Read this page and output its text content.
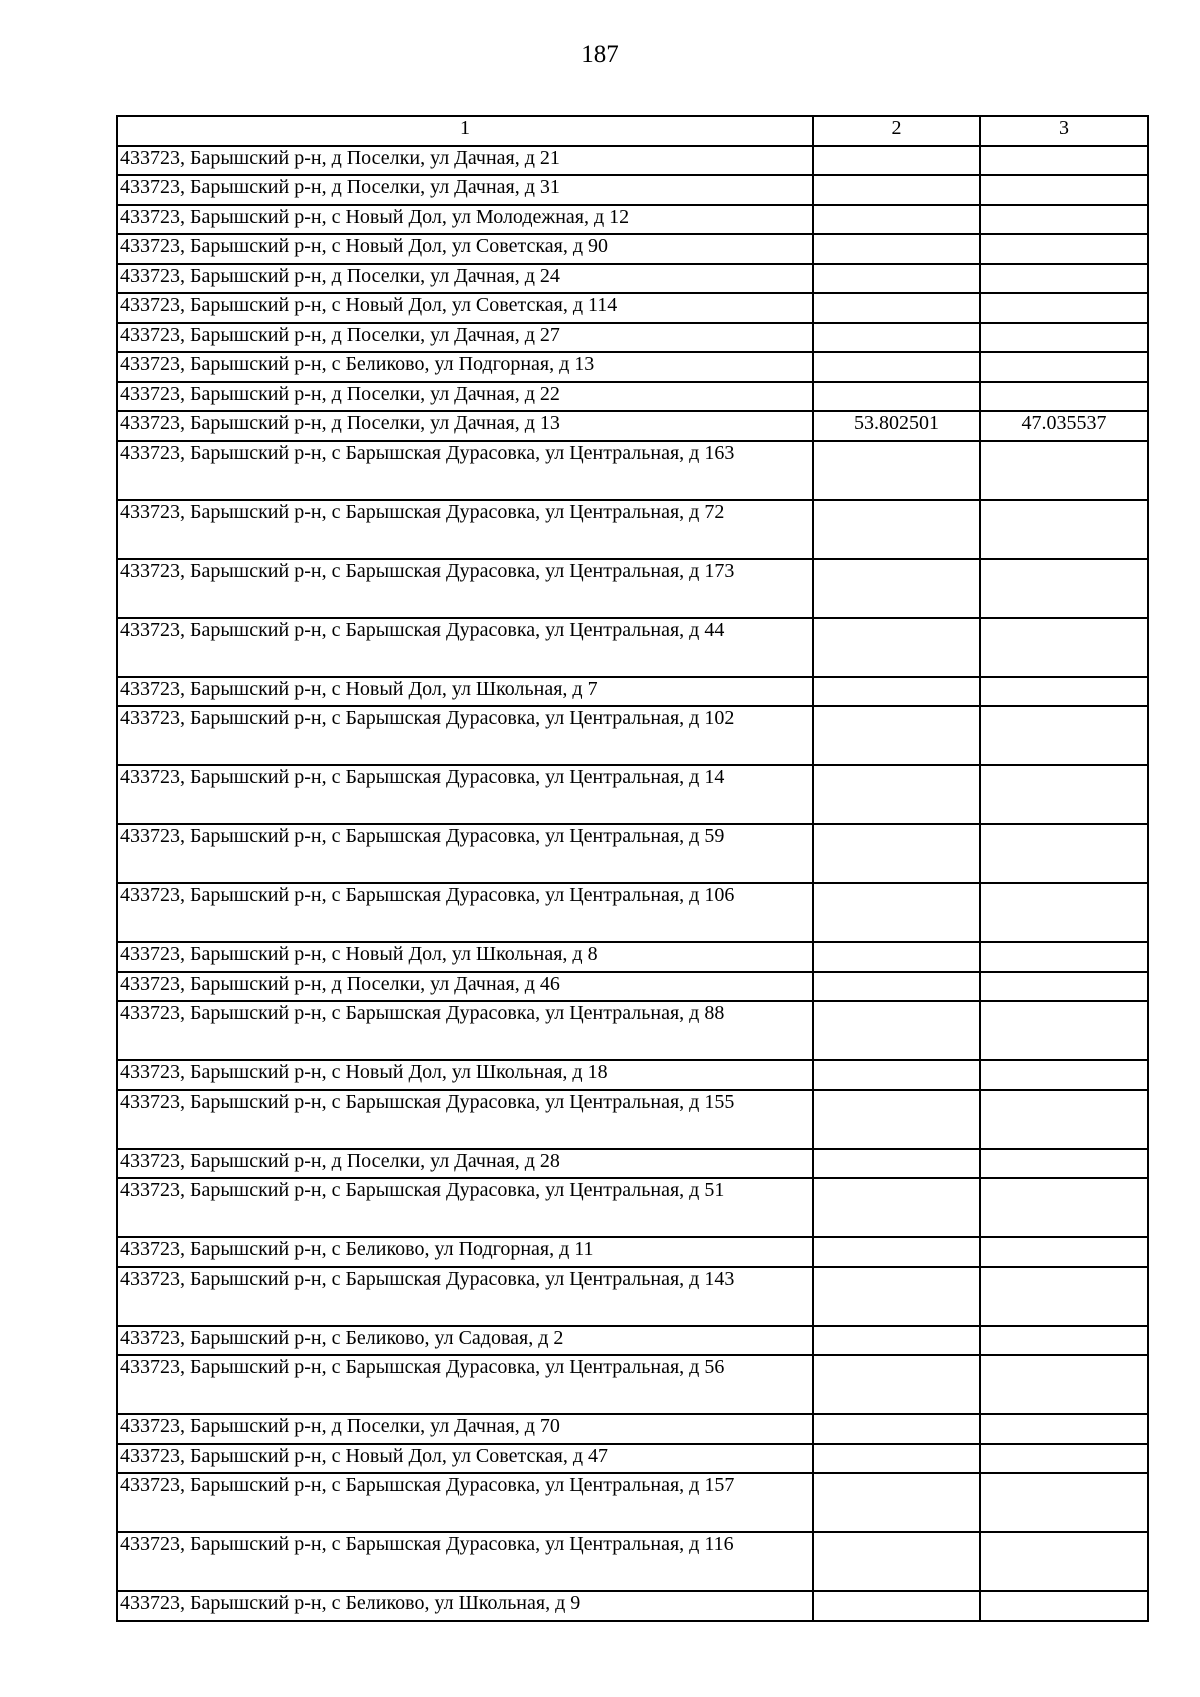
187
1	2	3
433723, Барышский р-н, д Поселки, ул Дачная, д 21		
433723, Барышский р-н, д Поселки, ул Дачная, д 31		
433723, Барышский р-н, с Новый Дол, ул Молодежная, д 12		
433723, Барышский р-н, с Новый Дол, ул Советская, д 90		
433723, Барышский р-н, д Поселки, ул Дачная, д 24		
433723, Барышский р-н, с Новый Дол, ул Советская, д 114		
433723, Барышский р-н, д Поселки, ул Дачная, д 27		
433723, Барышский р-н, с Беликово, ул Подгорная, д 13		
433723, Барышский р-н, д Поселки, ул Дачная, д 22		
433723, Барышский р-н, д Поселки, ул Дачная, д 13	53.802501	47.035537
433723, Барышский р-н, с Барышская Дурасовка, ул Центральная, д 163		
433723, Барышский р-н, с Барышская Дурасовка, ул Центральная, д 72		
433723, Барышский р-н, с Барышская Дурасовка, ул Центральная, д 173		
433723, Барышский р-н, с Барышская Дурасовка, ул Центральная, д 44		
433723, Барышский р-н, с Новый Дол, ул Школьная, д 7		
433723, Барышский р-н, с Барышская Дурасовка, ул Центральная, д 102		
433723, Барышский р-н, с Барышская Дурасовка, ул Центральная, д 14		
433723, Барышский р-н, с Барышская Дурасовка, ул Центральная, д 59		
433723, Барышский р-н, с Барышская Дурасовка, ул Центральная, д 106		
433723, Барышский р-н, с Новый Дол, ул Школьная, д 8		
433723, Барышский р-н, д Поселки, ул Дачная, д 46		
433723, Барышский р-н, с Барышская Дурасовка, ул Центральная, д 88		
433723, Барышский р-н, с Новый Дол, ул Школьная, д 18		
433723, Барышский р-н, с Барышская Дурасовка, ул Центральная, д 155		
433723, Барышский р-н, д Поселки, ул Дачная, д 28		
433723, Барышский р-н, с Барышская Дурасовка, ул Центральная, д 51		
433723, Барышский р-н, с Беликово, ул Подгорная, д 11		
433723, Барышский р-н, с Барышская Дурасовка, ул Центральная, д 143		
433723, Барышский р-н, с Беликово, ул Садовая, д 2		
433723, Барышский р-н, с Барышская Дурасовка, ул Центральная, д 56		
433723, Барышский р-н, д Поселки, ул Дачная, д 70		
433723, Барышский р-н, с Новый Дол, ул Советская, д 47		
433723, Барышский р-н, с Барышская Дурасовка, ул Центральная, д 157		
433723, Барышский р-н, с Барышская Дурасовка, ул Центральная, д 116		
433723, Барышский р-н, с Беликово, ул Школьная, д 9		
